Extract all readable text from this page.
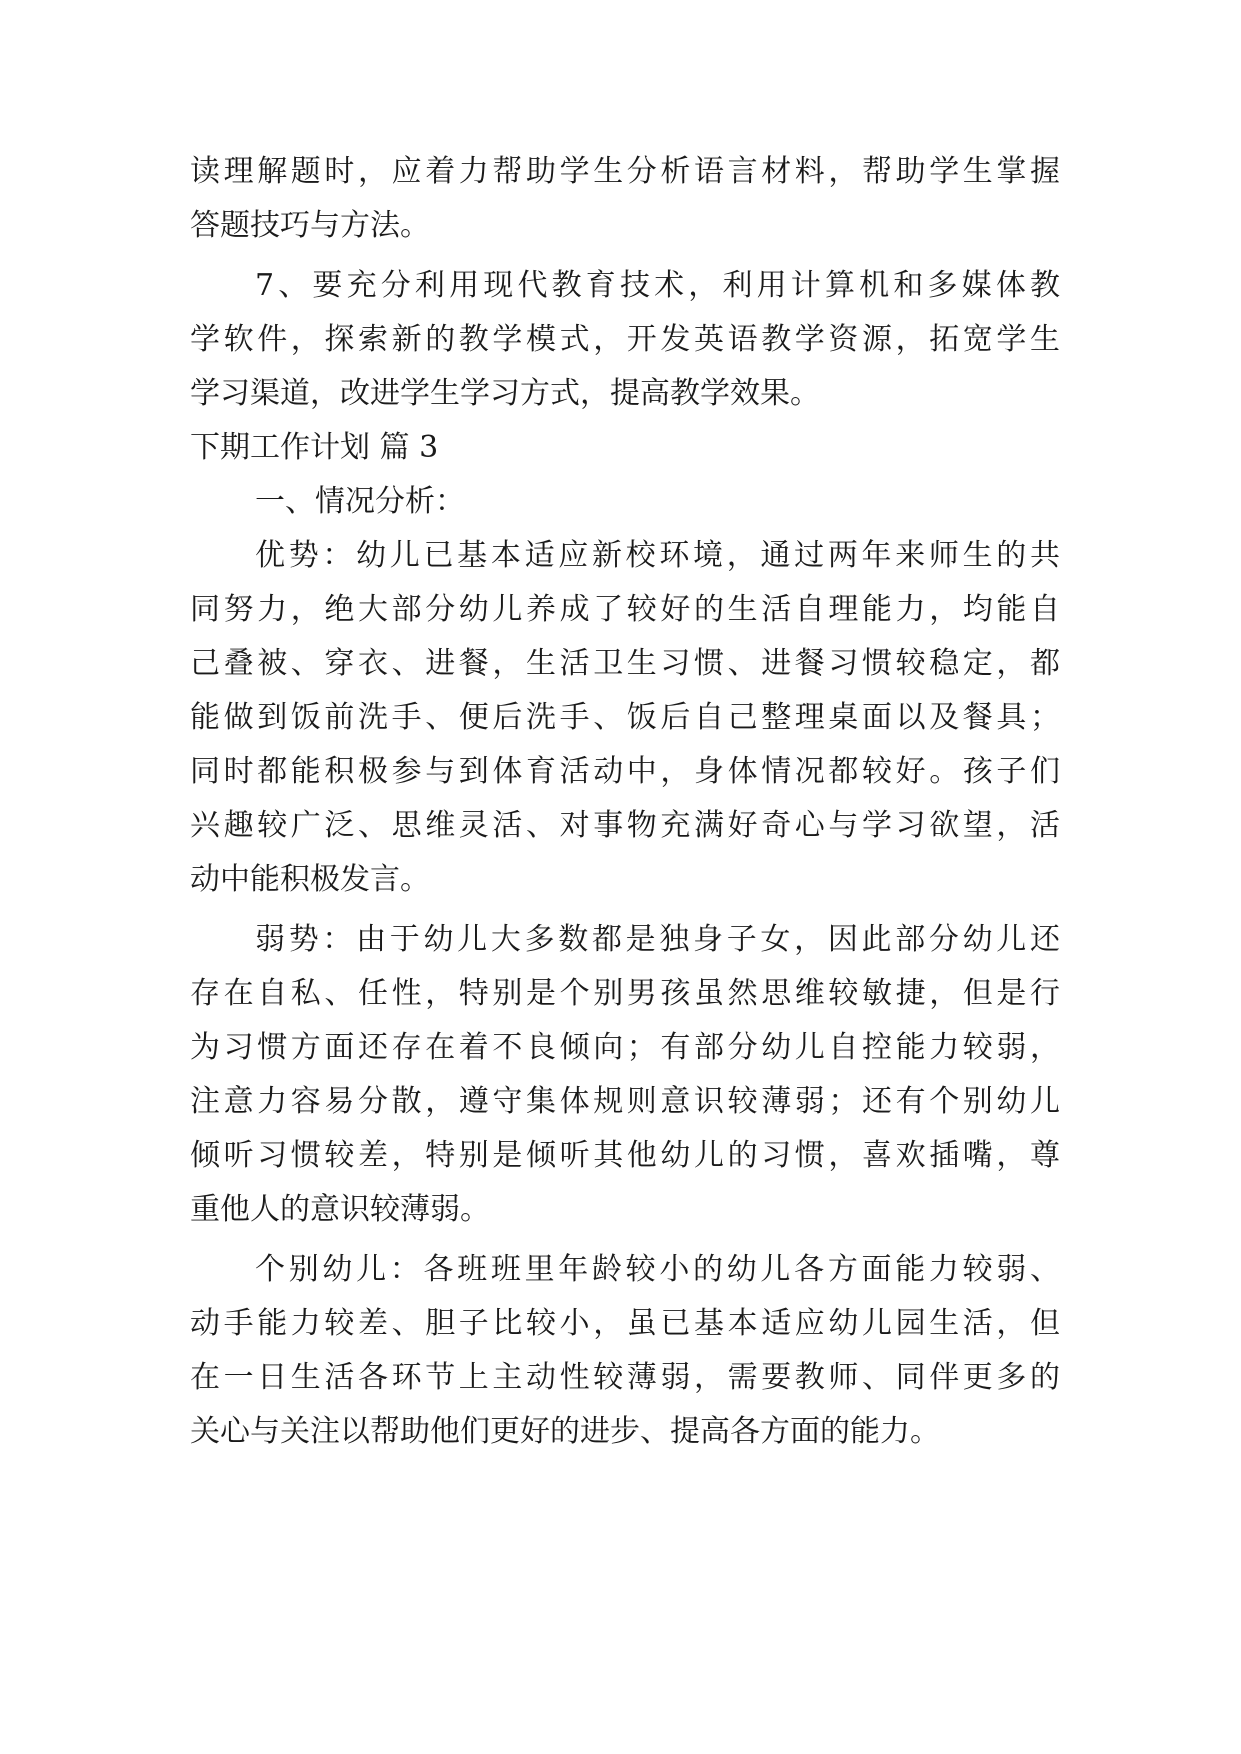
读理解题时，应着力帮助学生分析语言材料，帮助学生掌握
答题技巧与方法。
7、要充分利用现代教育技术，利用计算机和多媒体教
学软件，探索新的教学模式，开发英语教学资源，拓宽学生
学习渠道，改进学生学习方式，提高教学效果。
下期工作计划 篇 3
一、情况分析：
优势：幼儿已基本适应新校环境，通过两年来师生的共
同努力，绝大部分幼儿养成了较好的生活自理能力，均能自
己叠被、穿衣、进餐，生活卫生习惯、进餐习惯较稳定，都
能做到饭前洗手、便后洗手、饭后自己整理桌面以及餐具；
同时都能积极参与到体育活动中，身体情况都较好。孩子们
兴趣较广泛、思维灵活、对事物充满好奇心与学习欲望，活
动中能积极发言。
弱势：由于幼儿大多数都是独身子女，因此部分幼儿还
存在自私、任性，特别是个别男孩虽然思维较敏捷，但是行
为习惯方面还存在着不良倾向；有部分幼儿自控能力较弱，
注意力容易分散，遵守集体规则意识较薄弱；还有个别幼儿
倾听习惯较差，特别是倾听其他幼儿的习惯，喜欢插嘴，尊
重他人的意识较薄弱。
个别幼儿：各班班里年龄较小的幼儿各方面能力较弱、
动手能力较差、胆子比较小，虽已基本适应幼儿园生活，但
在一日生活各环节上主动性较薄弱，需要教师、同伴更多的
关心与关注以帮助他们更好的进步、提高各方面的能力。
